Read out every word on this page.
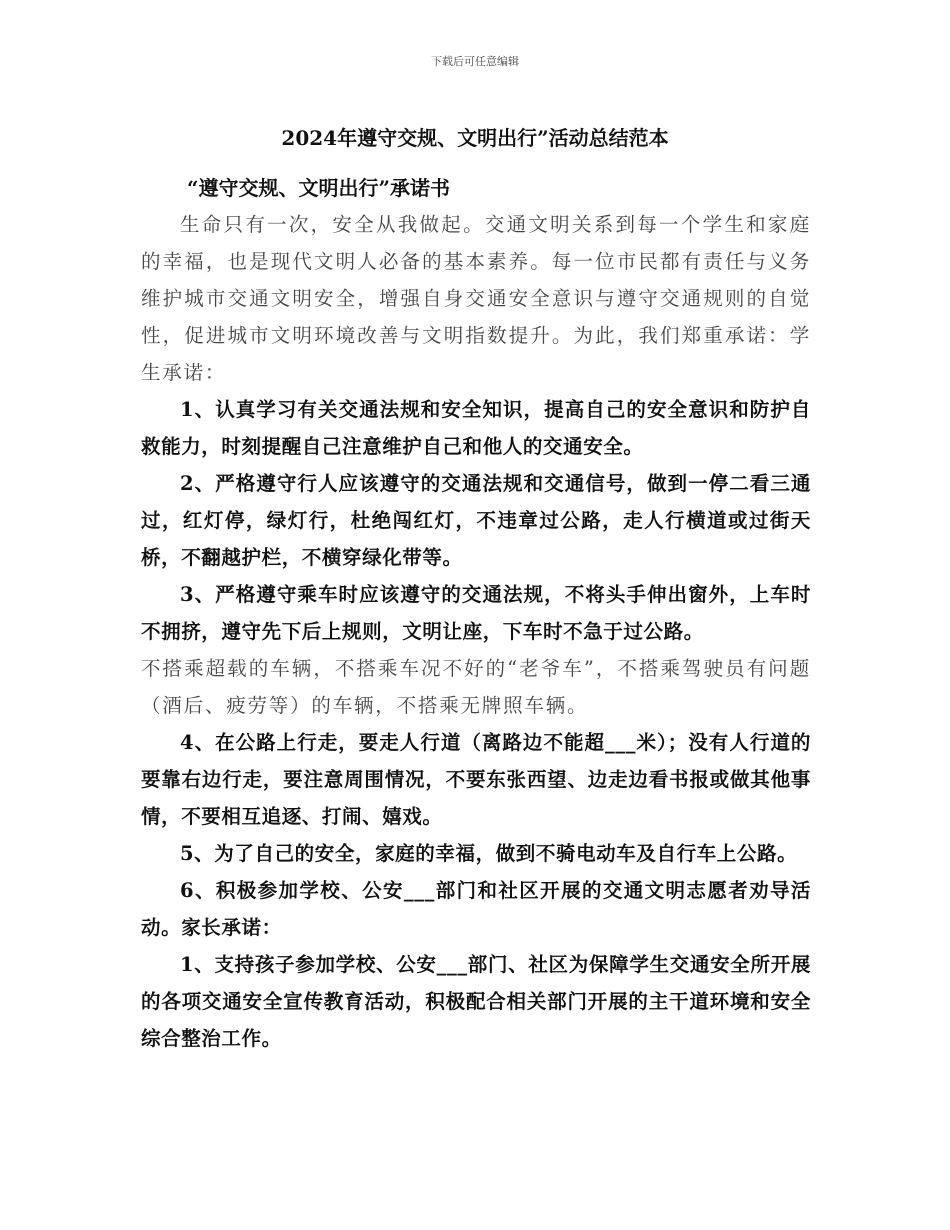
下载后可任意编辑
2024年遵守交规、文明出行”活动总结范本
“遵守交规、文明出行”承诺书

生命只有一次，安全从我做起。交通文明关系到每一个学生和家庭的幸福，也是现代文明人必备的基本素养。每一位市民都有责任与义务维护城市交通文明安全，增强自身交通安全意识与遵守交通规则的自觉性，促进城市文明环境改善与文明指数提升。为此，我们郑重承诺：学生承诺：

1、认真学习有关交通法规和安全知识，提高自己的安全意识和防护自救能力，时刻提醒自己注意维护自己和他人的交通安全。

2、严格遵守行人应该遵守的交通法规和交通信号，做到一停二看三通过，红灯停，绿灯行，杜绝闯红灯，不违章过公路，走人行横道或过街天桥，不翻越护栏，不横穿绿化带等。

3、严格遵守乘车时应该遵守的交通法规，不将头手伸出窗外，上车时不拥挤，遵守先下后上规则，文明让座，下车时不急于过公路。

不搭乘超载的车辆，不搭乘车况不好的“老爷车”，不搭乘驾驶员有问题（酒后、疲劳等）的车辆，不搭乘无牌照车辆。

4、在公路上行走，要走人行道（离路边不能超___米）；没有人行道的要靠右边行走，要注意周围情况，不要东张西望、边走边看书报或做其他事情，不要相互追逐、打闹、嬉戏。

5、为了自己的安全，家庭的幸福，做到不骑电动车及自行车上公路。

6、积极参加学校、公安___部门和社区开展的交通文明志愿者劝导活动。家长承诺：

1、支持孩子参加学校、公安___部门、社区为保障学生交通安全所开展的各项交通安全宣传教育活动，积极配合相关部门开展的主干道环境和安全综合整治工作。
